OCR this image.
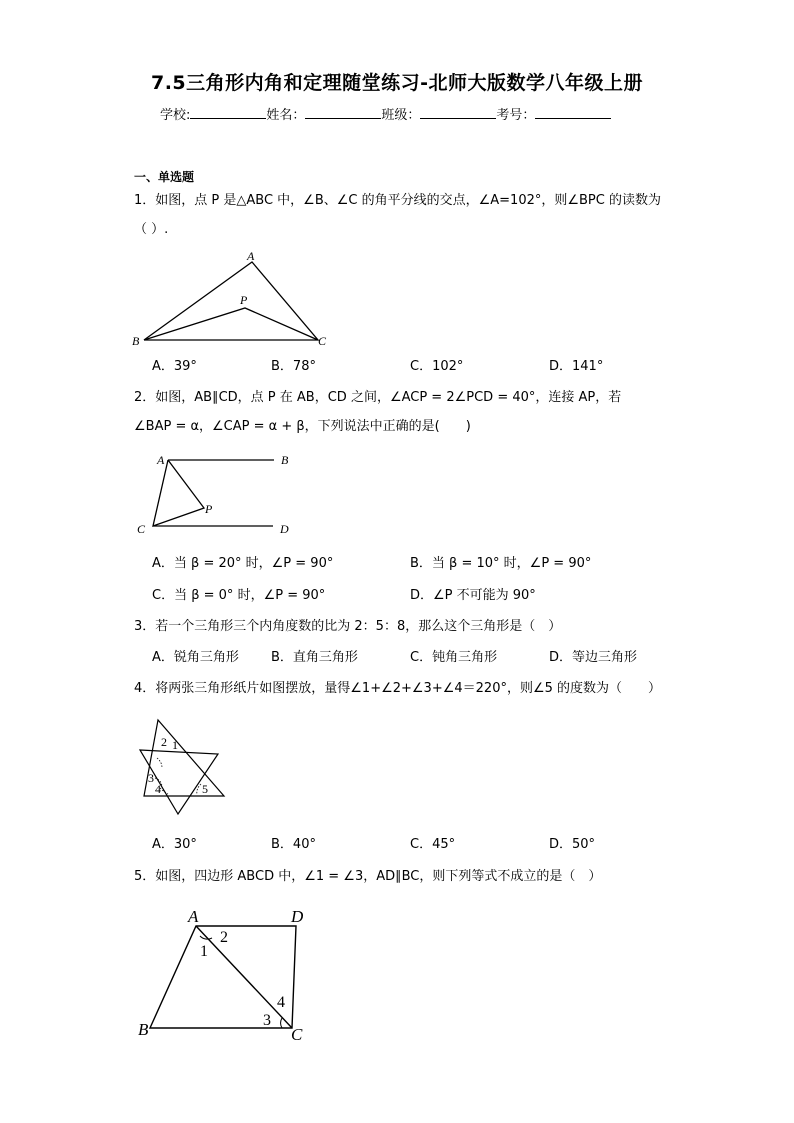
7.5三角形内角和定理随堂练习-北师大版数学八年级上册
学校:	姓名：	班级：	考号：
一、单选题
1．如图，点 P 是△ABC 中，∠B、∠C 的角平分线的交点，∠A=102°，则∠BPC 的读数为
（ ）.
A
P
B	C
A．39°	B．78°	C．102°	D．141°
2．如图，AB∥CD，点 P 在 AB，CD 之间，∠ACP = 2∠PCD = 40°，连接 AP，若
∠BAP = α，∠CAP = α + β，下列说法中正确的是(　　)
A	B
C	D
P
A．当 β = 20° 时，∠P = 90°	B．当 β = 10° 时，∠P = 90°
C．当 β = 0° 时，∠P = 90°	D．∠P 不可能为 90°
3．若一个三角形三个内角度数的比为 2：5：8，那么这个三角形是（　）
A．锐角三角形 B．直角三角形	C．钝角三角形	D．等边三角形
4．将两张三角形纸片如图摆放，量得∠1+∠2+∠3+∠4＝220°，则∠5 的度数为（　　）
2 1
3
4	5
A．30°	B．40°	C．45°	D．50°
5．如图，四边形 ABCD 中，∠1 = ∠3，AD∥BC，则下列等式不成立的是（　）
A	D
B	C
1
2
3
4
